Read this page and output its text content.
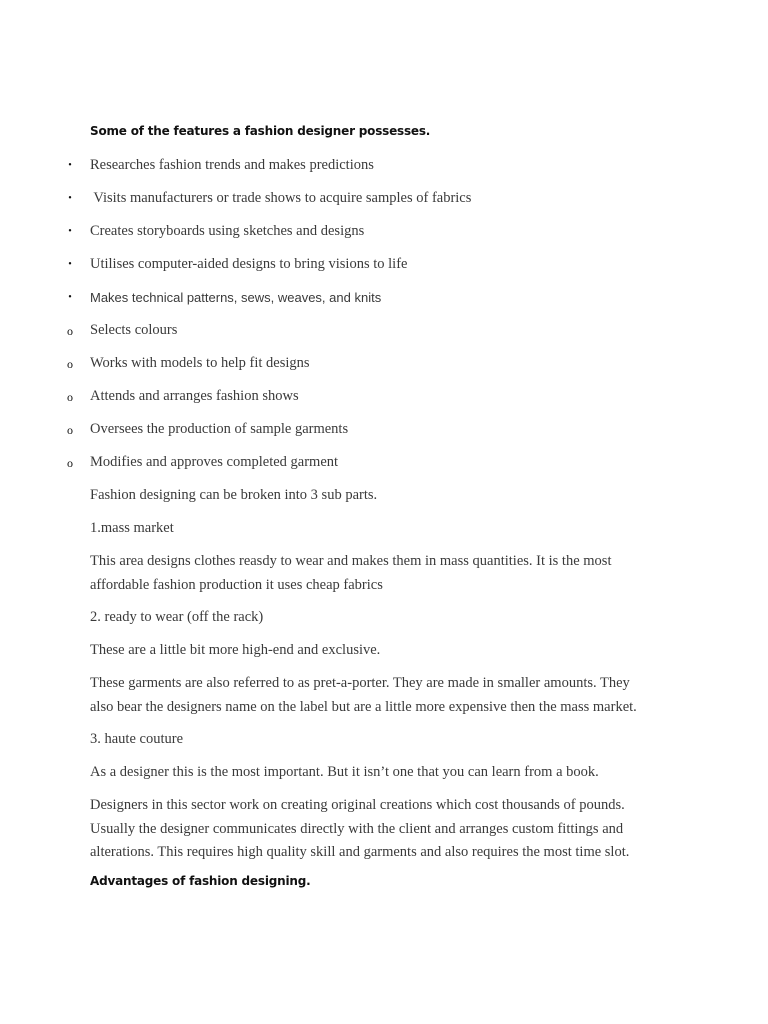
Some of the features a fashion designer possesses.
• Researches fashion trends and makes predictions
• Visits manufacturers or trade shows to acquire samples of fabrics
• Creates storyboards using sketches and designs
• Utilises computer-aided designs to bring visions to life
•	Makes technical patterns, sews, weaves, and knits
o Selects colours
o Works with models to help fit designs
o Attends and arranges fashion shows
o Oversees the production of sample garments
o Modifies and approves completed garment
Fashion designing can be broken into 3 sub parts.
1.mass market
This area designs clothes reasdy to wear and makes them in mass quantities. It is the most
affordable fashion production it uses cheap fabrics
2. ready to wear (off the rack)
These are a little bit more high-end and exclusive.
These garments are also referred to as pret-a-porter. They are made in smaller amounts. They
also bear the designers name on the label but are a little more expensive then the mass market.
3. haute couture
As a designer this is the most important. But it isn’t one that you can learn from a book.
Designers in this sector work on creating original creations which cost thousands of pounds.
Usually the designer communicates directly with the client and arranges custom fittings and
alterations. This requires high quality skill and garments and also requires the most time slot.
Advantages of fashion designing.
